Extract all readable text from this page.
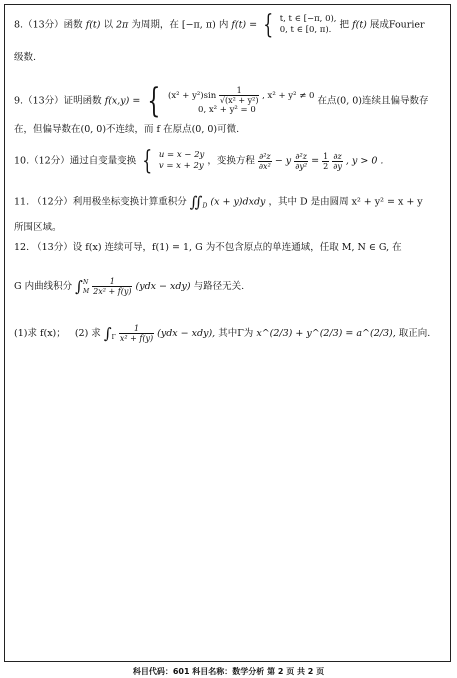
8.（13分）函数 f(t) 以 2π 为周期，在 [−π, π) 内 f(t) = { t, t ∈ [−π, 0),
0, t ∈ [0, π). 把 f(t) 展成Fourier
级数.
9.（13分）证明函数 f(x,y) = { $(x^2 + y^2)\sin \frac{1}{\text{√(x² + y²)}}$ , x² + y² ≠ 0
0, x² + y² = 0
在点(0, 0)连续且偏导数存
在，但偏导数在(0, 0)不连续，而 f 在原点(0, 0)可微.
10.（12分）通过自变量变换 { u = x − 2y
v = x + 2y ，变换方程 $\frac{\text{∂²z}}{\text{∂x²}} - y \frac{\text{∂²z}}{\text{∂y²}} = \frac{1}{2}$
$\frac{\partial z}{\partial y}$ , y > 0 .
11. （12分）利用极坐标变换计算重积分 $∬_D$ (x + y)dxdy ，其中 D 是由圆周 x² + y² = x + y
所围区域。
12. （13分）设 f(x) 连续可导，f(1) = 1, G 为不包含原点的单连通域，任取 M, N ∈ G, 在
G 内曲线积分 ∫ N
M
$\frac{1}{\text{2x² + f(y)}} (ydx - xdy)$ 与路径无关.
(1)求 f(x)； (2) 求 $\int_\Gamma \frac{1}{\text{x² + f(y)}} (ydx - xdy)$, 其中Γ为 x^(2/3) + y^(2/3) = a^(2/3), 取正向.
科目代码：601 科目名称：数学分析 第 2 页 共 2 页
